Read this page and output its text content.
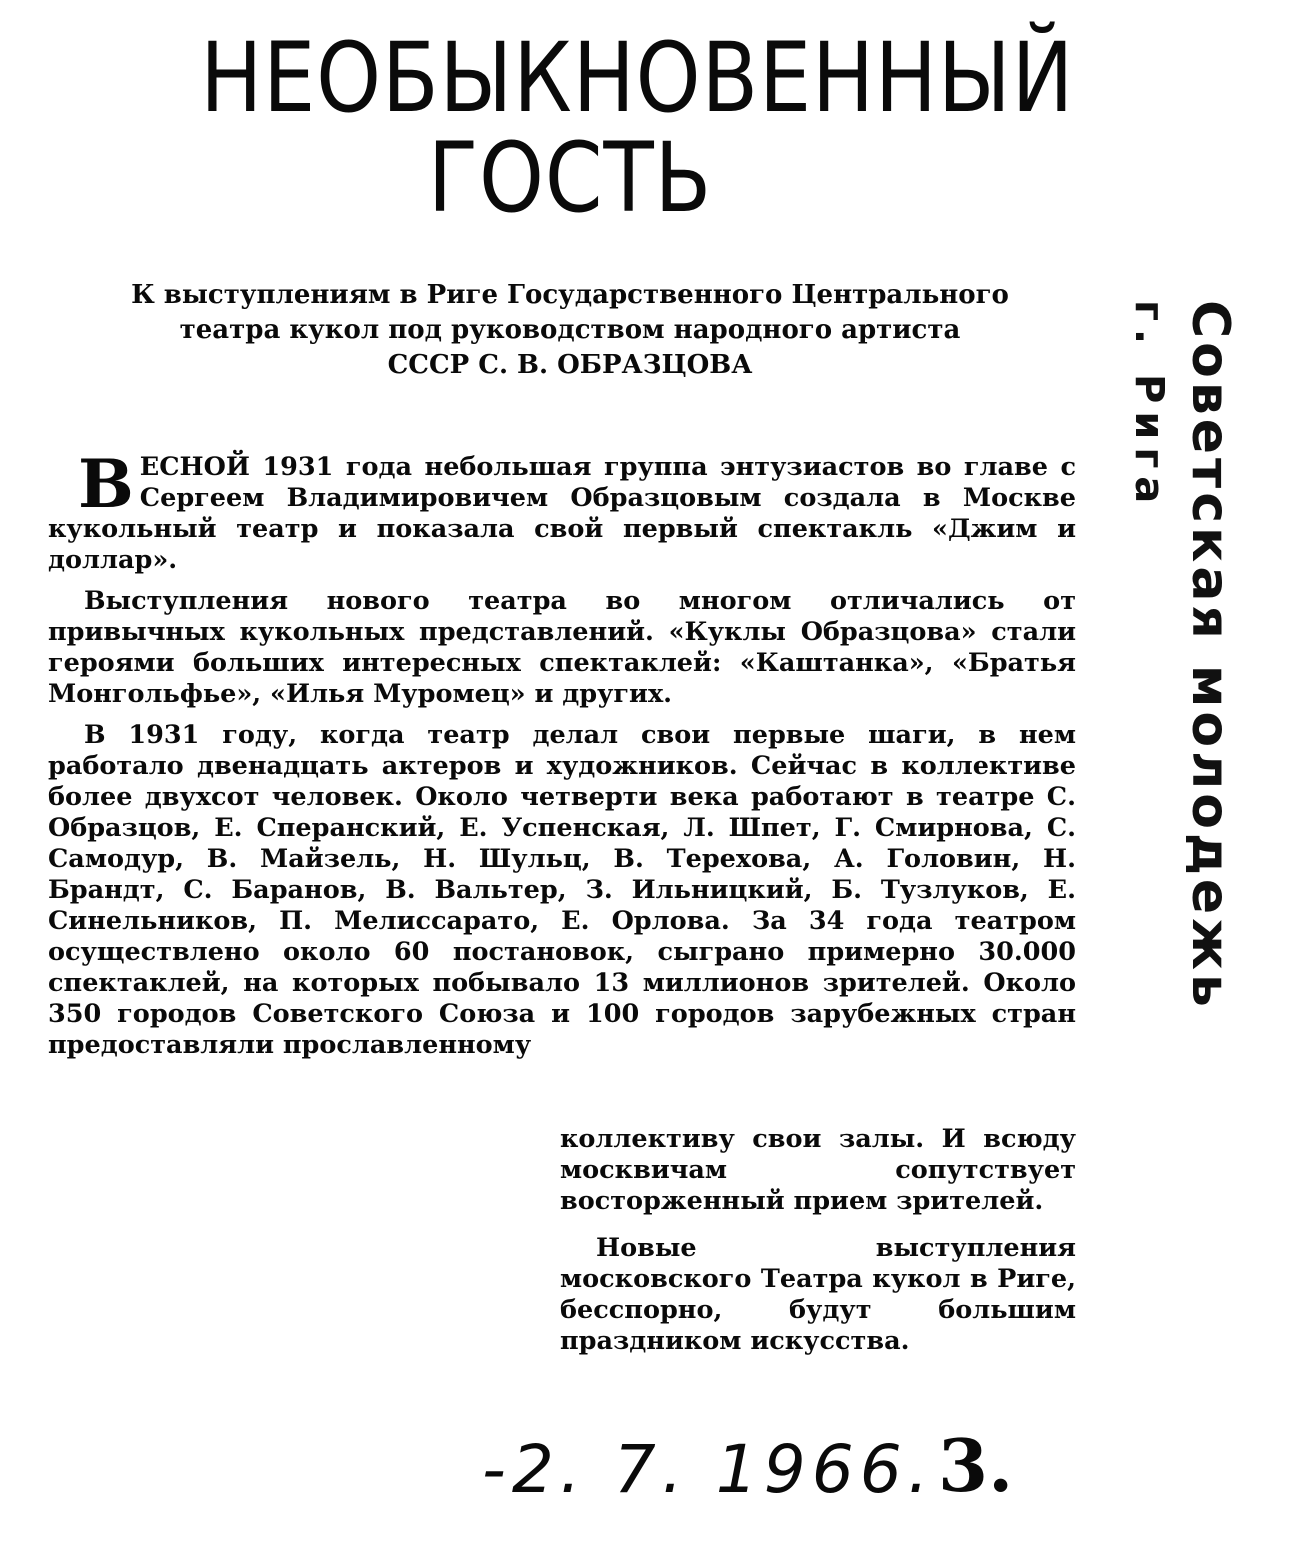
НЕОБЫКНОВЕННЫЙ
ГОСТЬ
К выступлениям в Риге Государственного Центрального
театра кукол под руководством народного артиста
СССР С. В. ОБРАЗЦОВА

ВЕСНОЙ 1931 года небольшая группа энтузиастов во главе с Сергеем Владимировичем Образцовым создала в Москве кукольный театр и показала свой первый спектакль «Джим и доллар».

Выступления нового театра во многом отличались от привычных кукольных представлений. «Куклы Образцова» стали героями больших интересных спектаклей: «Каштанка», «Братья Монгольфье», «Илья Муромец» и других.

В 1931 году, когда театр делал свои первые шаги, в нем работало двенадцать актеров и художников. Сейчас в коллективе более двухсот человек. Около четверти века работают в театре С. Образцов, Е. Сперанский, Е. Успенская, Л. Шпет, Г. Смирнова, С. Самодур, В. Майзель, Н. Шульц, В. Терехова, А. Головин, Н. Брандт, С. Баранов, В. Вальтер, З. Ильницкий, Б. Тузлуков, Е. Синельников, П. Мелиссарато, Е. Орлова. За 34 года театром осуществлено около 60 постановок, сыграно примерно 30.000 спектаклей, на которых побывало 13 миллионов зрителей. Около 350 городов Советского Союза и 100 городов зарубежных стран предоставляли прославленному

коллективу свои залы. И всюду москвичам сопутствует восторженный прием зрителей.

Новые выступления московского Театра кукол в Риге, бесспорно, будут большим праздником искусства.

Советская молодежь
г. Рига
-2. 7. 1966. 3.
